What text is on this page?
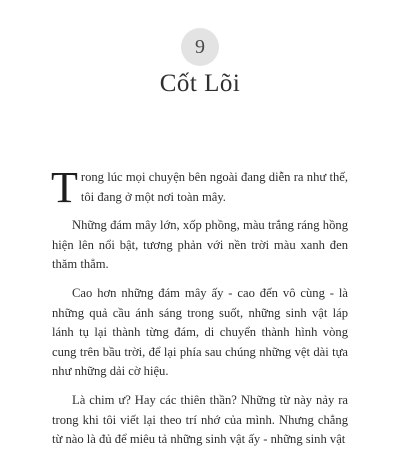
9
Cốt Lõi

Trong lúc mọi chuyện bên ngoài đang diễn ra như thế, tôi đang ở một nơi toàn mây.

Những đám mây lớn, xốp phồng, màu trắng ráng hồng hiện lên nổi bật, tương phản với nền trời màu xanh đen thăm thẳm.

Cao hơn những đám mây ấy - cao đến vô cùng - là những quả cầu ánh sáng trong suốt, những sinh vật láp lánh tụ lại thành từng đám, di chuyển thành hình vòng cung trên bầu trời, để lại phía sau chúng những vệt dài tựa như những dải cờ hiệu.

Là chim ư? Hay các thiên thần? Những từ này nảy ra trong khi tôi viết lại theo trí nhớ của mình. Nhưng chẳng từ nào là đủ để miêu tả những sinh vật ấy - những sinh vật
